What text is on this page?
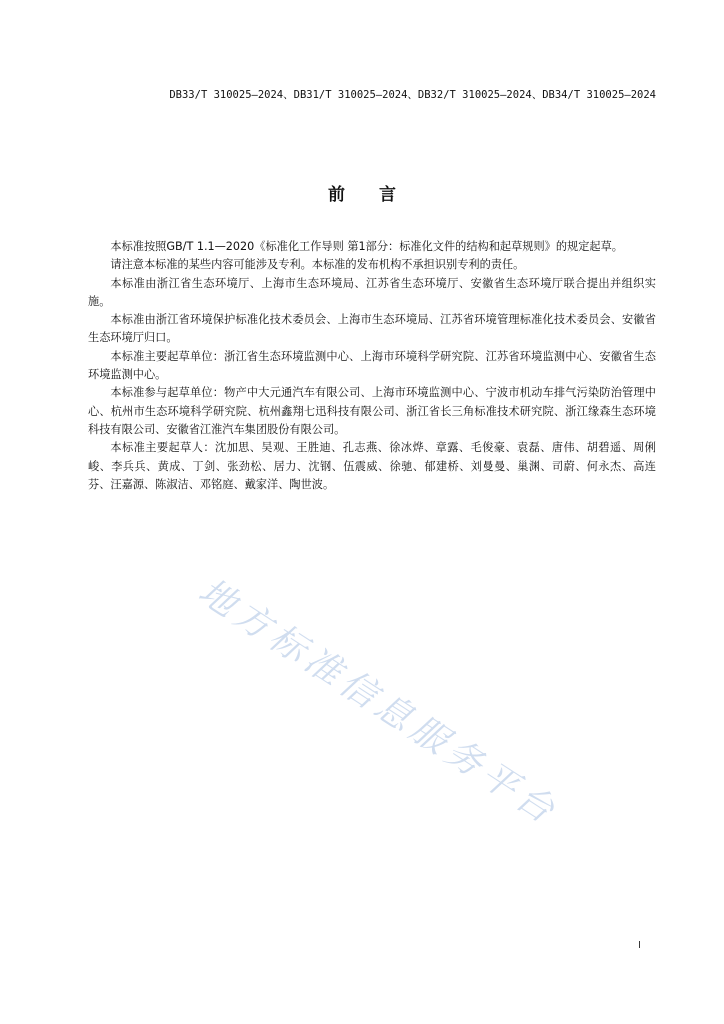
DB33/T 310025—2024、DB31/T 310025—2024、DB32/T 310025—2024、DB34/T 310025—2024
前言

本标准按照GB/T 1.1—2020《标准化工作导则 第1部分：标准化文件的结构和起草规则》的规定起草。

请注意本标准的某些内容可能涉及专利。本标准的发布机构不承担识别专利的责任。

本标准由浙江省生态环境厅、上海市生态环境局、江苏省生态环境厅、安徽省生态环境厅联合提出并组织实施。

本标准由浙江省环境保护标准化技术委员会、上海市生态环境局、江苏省环境管理标准化技术委员会、安徽省生态环境厅归口。

本标准主要起草单位：浙江省生态环境监测中心、上海市环境科学研究院、江苏省环境监测中心、安徽省生态环境监测中心。

本标准参与起草单位：物产中大元通汽车有限公司、上海市环境监测中心、宁波市机动车排气污染防治管理中心、杭州市生态环境科学研究院、杭州鑫翔七迅科技有限公司、浙江省长三角标准技术研究院、浙江缘森生态环境科技有限公司、安徽省江淮汽车集团股份有限公司。

本标准主要起草人：沈加思、吴观、王胜迪、孔志燕、徐冰烨、章露、毛俊豪、袁磊、唐伟、胡碧遥、周俐峻、李兵兵、黄成、丁剑、张劲松、居力、沈钢、伍震威、徐驰、郁建桥、刘曼曼、巢渊、司蔚、何永杰、高连芬、汪嘉源、陈淑洁、邓铭庭、戴家洋、陶世波。

地方标准信息服务平台
I
